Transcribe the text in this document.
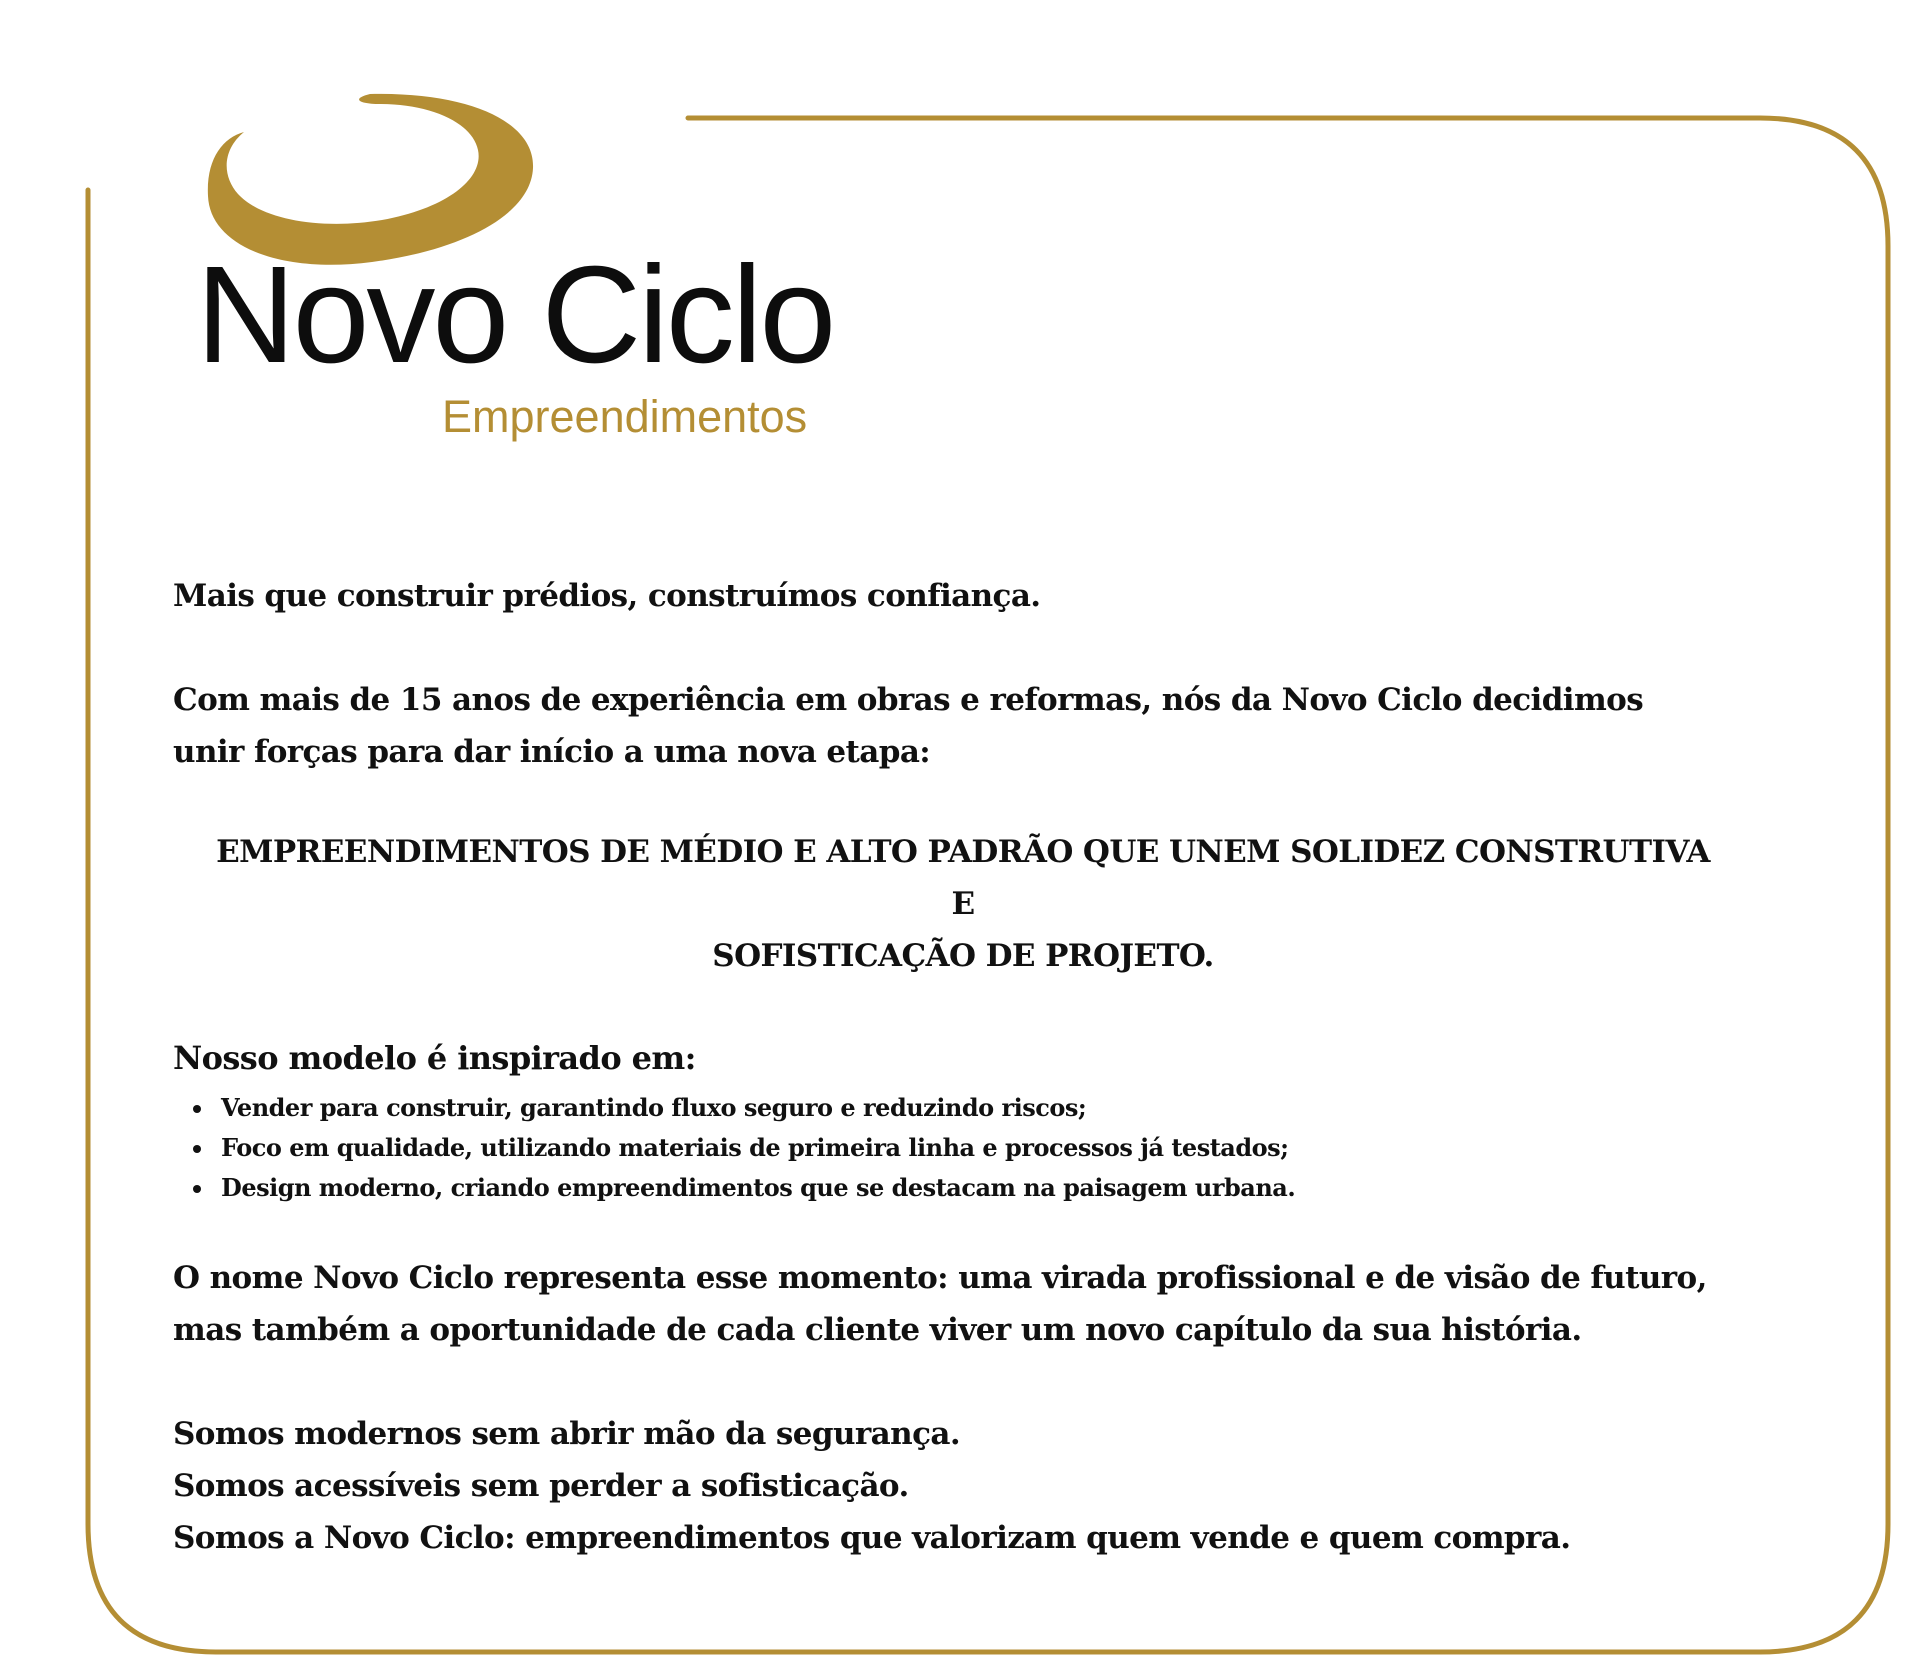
Novo Ciclo
Empreendimentos

Mais que construir prédios, construímos confiança.

Com mais de 15 anos de experiência em obras e reformas, nós da Novo Ciclo decidimos unir forças para dar início a uma nova etapa:

EMPREENDIMENTOS DE MÉDIO E ALTO PADRÃO QUE UNEM SOLIDEZ CONSTRUTIVA E
SOFISTICAÇÃO DE PROJETO.

Nosso modelo é inspirado em:

Vender para construir, garantindo fluxo seguro e reduzindo riscos;
Foco em qualidade, utilizando materiais de primeira linha e processos já testados;
Design moderno, criando empreendimentos que se destacam na paisagem urbana.

O nome Novo Ciclo representa esse momento: uma virada profissional e de visão de futuro, mas também a oportunidade de cada cliente viver um novo capítulo da sua história.

Somos modernos sem abrir mão da segurança.

Somos acessíveis sem perder a sofisticação.

Somos a Novo Ciclo: empreendimentos que valorizam quem vende e quem compra.
